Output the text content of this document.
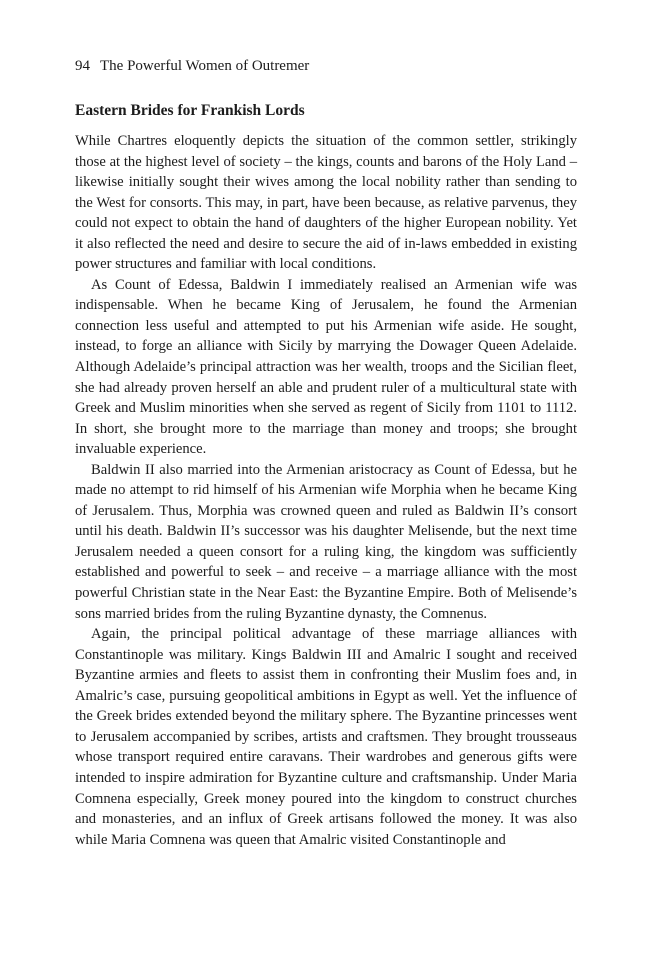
94 The Powerful Women of Outremer
Eastern Brides for Frankish Lords

While Chartres eloquently depicts the situation of the common settler, strikingly those at the highest level of society – the kings, counts and barons of the Holy Land – likewise initially sought their wives among the local nobility rather than sending to the West for consorts. This may, in part, have been because, as relative parvenus, they could not expect to obtain the hand of daughters of the higher European nobility. Yet it also reflected the need and desire to secure the aid of in-laws embedded in existing power structures and familiar with local conditions.

As Count of Edessa, Baldwin I immediately realised an Armenian wife was indispensable. When he became King of Jerusalem, he found the Armenian connection less useful and attempted to put his Armenian wife aside. He sought, instead, to forge an alliance with Sicily by marrying the Dowager Queen Adelaide. Although Adelaide’s principal attraction was her wealth, troops and the Sicilian fleet, she had already proven herself an able and prudent ruler of a multicultural state with Greek and Muslim minorities when she served as regent of Sicily from 1101 to 1112. In short, she brought more to the marriage than money and troops; she brought invaluable experience.

Baldwin II also married into the Armenian aristocracy as Count of Edessa, but he made no attempt to rid himself of his Armenian wife Morphia when he became King of Jerusalem. Thus, Morphia was crowned queen and ruled as Baldwin II’s consort until his death. Baldwin II’s successor was his daughter Melisende, but the next time Jerusalem needed a queen consort for a ruling king, the kingdom was sufficiently established and powerful to seek – and receive – a marriage alliance with the most powerful Christian state in the Near East: the Byzantine Empire. Both of Melisende’s sons married brides from the ruling Byzantine dynasty, the Comnenus.

Again, the principal political advantage of these marriage alliances with Constantinople was military. Kings Baldwin III and Amalric I sought and received Byzantine armies and fleets to assist them in confronting their Muslim foes and, in Amalric’s case, pursuing geopolitical ambitions in Egypt as well. Yet the influence of the Greek brides extended beyond the military sphere. The Byzantine princesses went to Jerusalem accompanied by scribes, artists and craftsmen. They brought trousseaus whose transport required entire caravans. Their wardrobes and generous gifts were intended to inspire admiration for Byzantine culture and craftsmanship. Under Maria Comnena especially, Greek money poured into the kingdom to construct churches and monasteries, and an influx of Greek artisans followed the money. It was also while Maria Comnena was queen that Amalric visited Constantinople and
